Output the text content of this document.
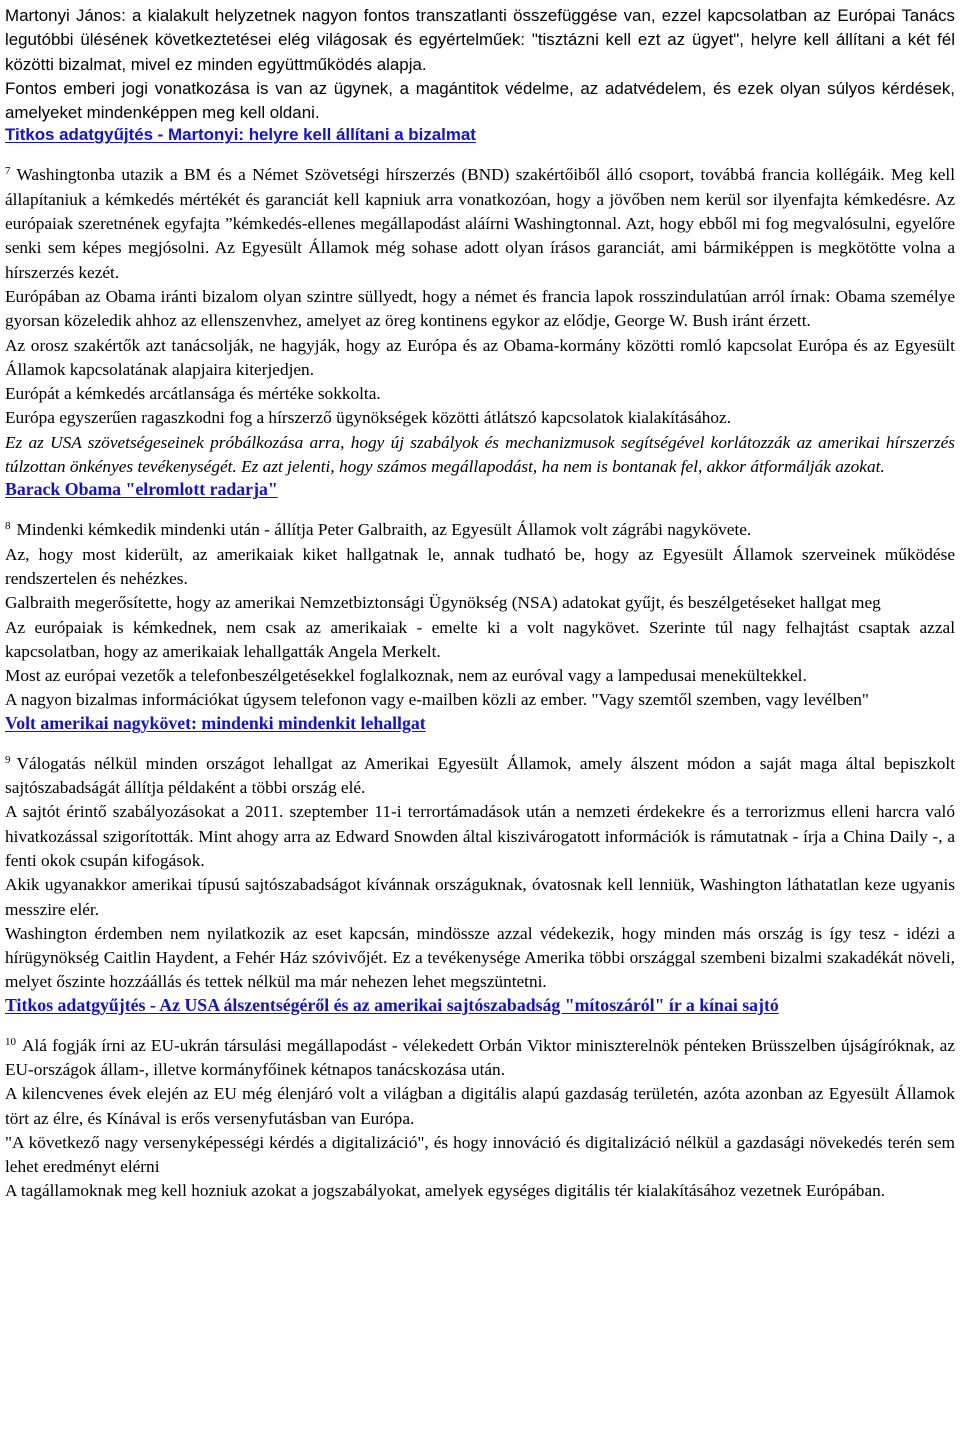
Martonyi János: a kialakult helyzetnek nagyon fontos transzatlanti összefüggése van, ezzel kapcsolatban az Európai Tanács legutóbbi ülésének következtetései elég világosak és egyértelműek: "tisztázni kell ezt az ügyet", helyre kell állítani a két fél közötti bizalmat, mivel ez minden együttműködés alapja.

Fontos emberi jogi vonatkozása is van az ügynek, a magántitok védelme, az adatvédelem, és ezek olyan súlyos kérdések, amelyeket mindenképpen meg kell oldani.

Titkos adatgyűjtés - Martonyi: helyre kell állítani a bizalmat

$^7$ Washingtonba utazik a BM és a Német Szövetségi hírszerzés (BND) szakértőiből álló csoport, továbbá francia kollégáik. Meg kell állapítaniuk a kémkedés mértékét és garanciát kell kapniuk arra vonatkozóan, hogy a jövőben nem kerül sor ilyenfajta kémkedésre. Az európaiak szeretnének egyfajta ”kémkedés-ellenes megállapodást aláírni Washingtonnal. Azt, hogy ebből mi fog megvalósulni, egyelőre senki sem képes megjósolni. Az Egyesült Államok még sohase adott olyan írásos garanciát, ami bármiképpen is megkötötte volna a hírszerzés kezét.

Európában az Obama iránti bizalom olyan szintre süllyedt, hogy a német és francia lapok rosszindulatúan arról írnak: Obama személye gyorsan közeledik ahhoz az ellenszenvhez, amelyet az öreg kontinens egykor az elődje, George W. Bush iránt érzett.

Az orosz szakértők azt tanácsolják, ne hagyják, hogy az Európa és az Obama-kormány közötti romló kapcsolat Európa és az Egyesült Államok kapcsolatának alapjaira kiterjedjen.

Európát a kémkedés arcátlansága és mértéke sokkolta.

Európa egyszerűen ragaszkodni fog a hírszerző ügynökségek közötti átlátszó kapcsolatok kialakításához.

Ez az USA szövetségeseinek próbálkozása arra, hogy új szabályok és mechanizmusok segítségével korlátozzák az amerikai hírszerzés túlzottan önkényes tevékenységét. Ez azt jelenti, hogy számos megállapodást, ha nem is bontanak fel, akkor átformálják azokat.

Barack Obama "elromlott radarja"

$^8$ Mindenki kémkedik mindenki után - állítja Peter Galbraith, az Egyesült Államok volt zágrábi nagykövete.

Az, hogy most kiderült, az amerikaiak kiket hallgatnak le, annak tudható be, hogy az Egyesült Államok szerveinek működése rendszertelen és nehézkes.

Galbraith megerősítette, hogy az amerikai Nemzetbiztonsági Ügynökség (NSA) adatokat gyűjt, és beszélgetéseket hallgat meg

Az európaiak is kémkednek, nem csak az amerikaiak - emelte ki a volt nagykövet. Szerinte túl nagy felhajtást csaptak azzal kapcsolatban, hogy az amerikaiak lehallgatták Angela Merkelt.

Most az európai vezetők a telefonbeszélgetésekkel foglalkoznak, nem az euróval vagy a lampedusai menekültekkel.

A nagyon bizalmas információkat úgysem telefonon vagy e-mailben közli az ember. "Vagy szemtől szemben, vagy levélben"

Volt amerikai nagykövet: mindenki mindenkit lehallgat

$^9$ Válogatás nélkül minden országot lehallgat az Amerikai Egyesült Államok, amely álszent módon a saját maga által bepiszkolt sajtószabadságát állítja példaként a többi ország elé.

A sajtót érintő szabályozásokat a 2011. szeptember 11-i terrortámadások után a nemzeti érdekekre és a terrorizmus elleni harcra való hivatkozással szigorították. Mint ahogy arra az Edward Snowden által kiszivárogatott információk is rámutatnak - írja a China Daily -, a fenti okok csupán kifogások.

Akik ugyanakkor amerikai típusú sajtószabadságot kívánnak országuknak, óvatosnak kell lenniük, Washington láthatatlan keze ugyanis messzire elér.

Washington érdemben nem nyilatkozik az eset kapcsán, mindössze azzal védekezik, hogy minden más ország is így tesz - idézi a hírügynökség Caitlin Haydent, a Fehér Ház szóvivőjét. Ez a tevékenysége Amerika többi országgal szembeni bizalmi szakadékát növeli, melyet őszinte hozzáállás és tettek nélkül ma már nehezen lehet megszüntetni.

Titkos adatgyűjtés - Az USA álszentségéről és az amerikai sajtószabadság "mítoszáról" ír a kínai sajtó

$^{10}$ Alá fogják írni az EU-ukrán társulási megállapodást - vélekedett Orbán Viktor miniszterelnök pénteken Brüsszelben újságíróknak, az EU-országok állam-, illetve kormányfőinek kétnapos tanácskozása után.

A kilencvenes évek elején az EU még élenjáró volt a világban a digitális alapú gazdaság területén, azóta azonban az Egyesült Államok tört az élre, és Kínával is erős versenyfutásban van Európa.

"A következő nagy versenyképességi kérdés a digitalizáció", és hogy innováció és digitalizáció nélkül a gazdasági növekedés terén sem lehet eredményt elérni

A tagállamoknak meg kell hozniuk azokat a jogszabályokat, amelyek egységes digitális tér kialakításához vezetnek Európában.
